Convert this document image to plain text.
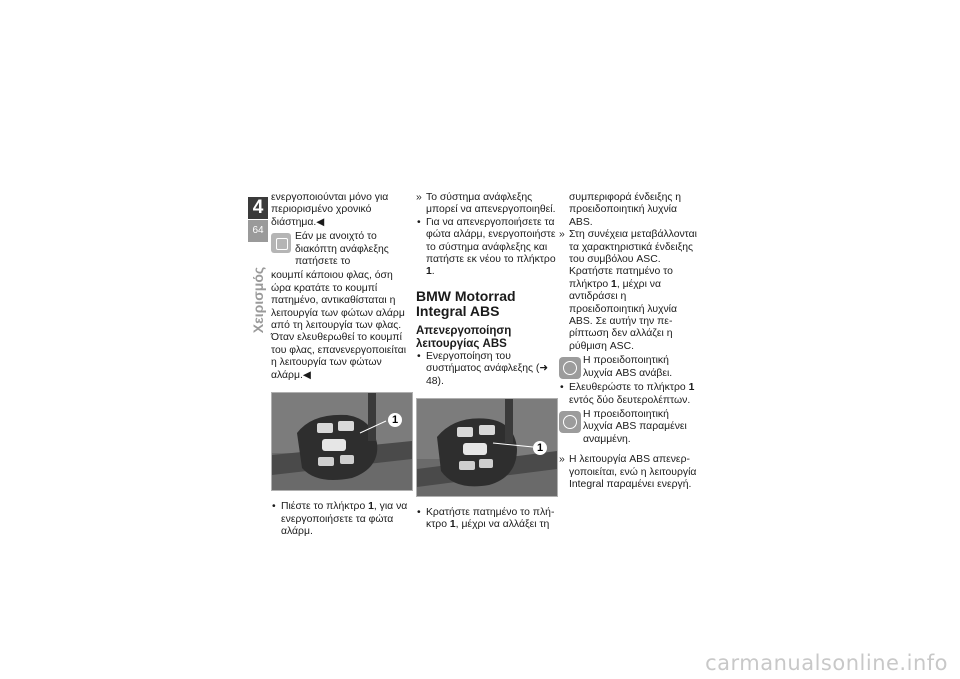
4
64
Χειρισμός

ενεργοποιούνται μόνο για περιορισμένο χρονικό διάστημα.◀

Εάν με ανοιχτό το διακόπτη ανάφλεξης πατήσετε το

κουμπί κάποιου φλας, όση ώρα κρατάτε το κουμπί πατημένο, αντικαθίσταται η λειτουργία των φώτων αλάρμ από τη λειτουργία των φλας. Όταν ελευθερωθεί το κουμπί του φλας, επανενεργοποιείται η λειτουργία των φώτων αλάρμ.◀

1

• Πιέστε το πλήκτρο 1, για να ενεργοποιήσετε τα φώτα αλάρμ.

» Το σύστημα ανάφλεξης μπορεί να απενεργοποιηθεί.

• Για να απενεργοποιήσετε τα φώτα αλάρμ, ενεργοποιήστε το σύστημα ανάφλεξης και πατήστε εκ νέου το πλήκτρο 1.

BMW Motorrad Integral ABS
Απενεργοποίηση λειτουργίας ABS

• Ενεργοποίηση του συστήματος ανάφλεξης (➜ 48).

1

• Κρατήστε πατημένο το πλήκτρο 1, μέχρι να αλλάξει τη

συμπεριφορά ένδειξης η προειδοποιητική λυχνία ABS.

» Στη συνέχεια μεταβάλλονται τα χαρακτηριστικά ένδειξης του συμβόλου ASC. Κρατήστε πατημένο το πλήκτρο 1, μέχρι να αντιδράσει η προειδοποιητική λυχνία ABS. Σε αυτήν την περίπτωση δεν αλλάζει η ρύθμιση ASC.

Η προειδοποιητική λυχνία ABS ανάβει.

• Ελευθερώστε το πλήκτρο 1 εντός δύο δευτερολέπτων.

Η προειδοποιητική λυχνία ABS παραμένει αναμμένη.

» Η λειτουργία ABS απενεργοποιείται, ενώ η λειτουργία Integral παραμένει ενεργή.

carmanualsonline.info
